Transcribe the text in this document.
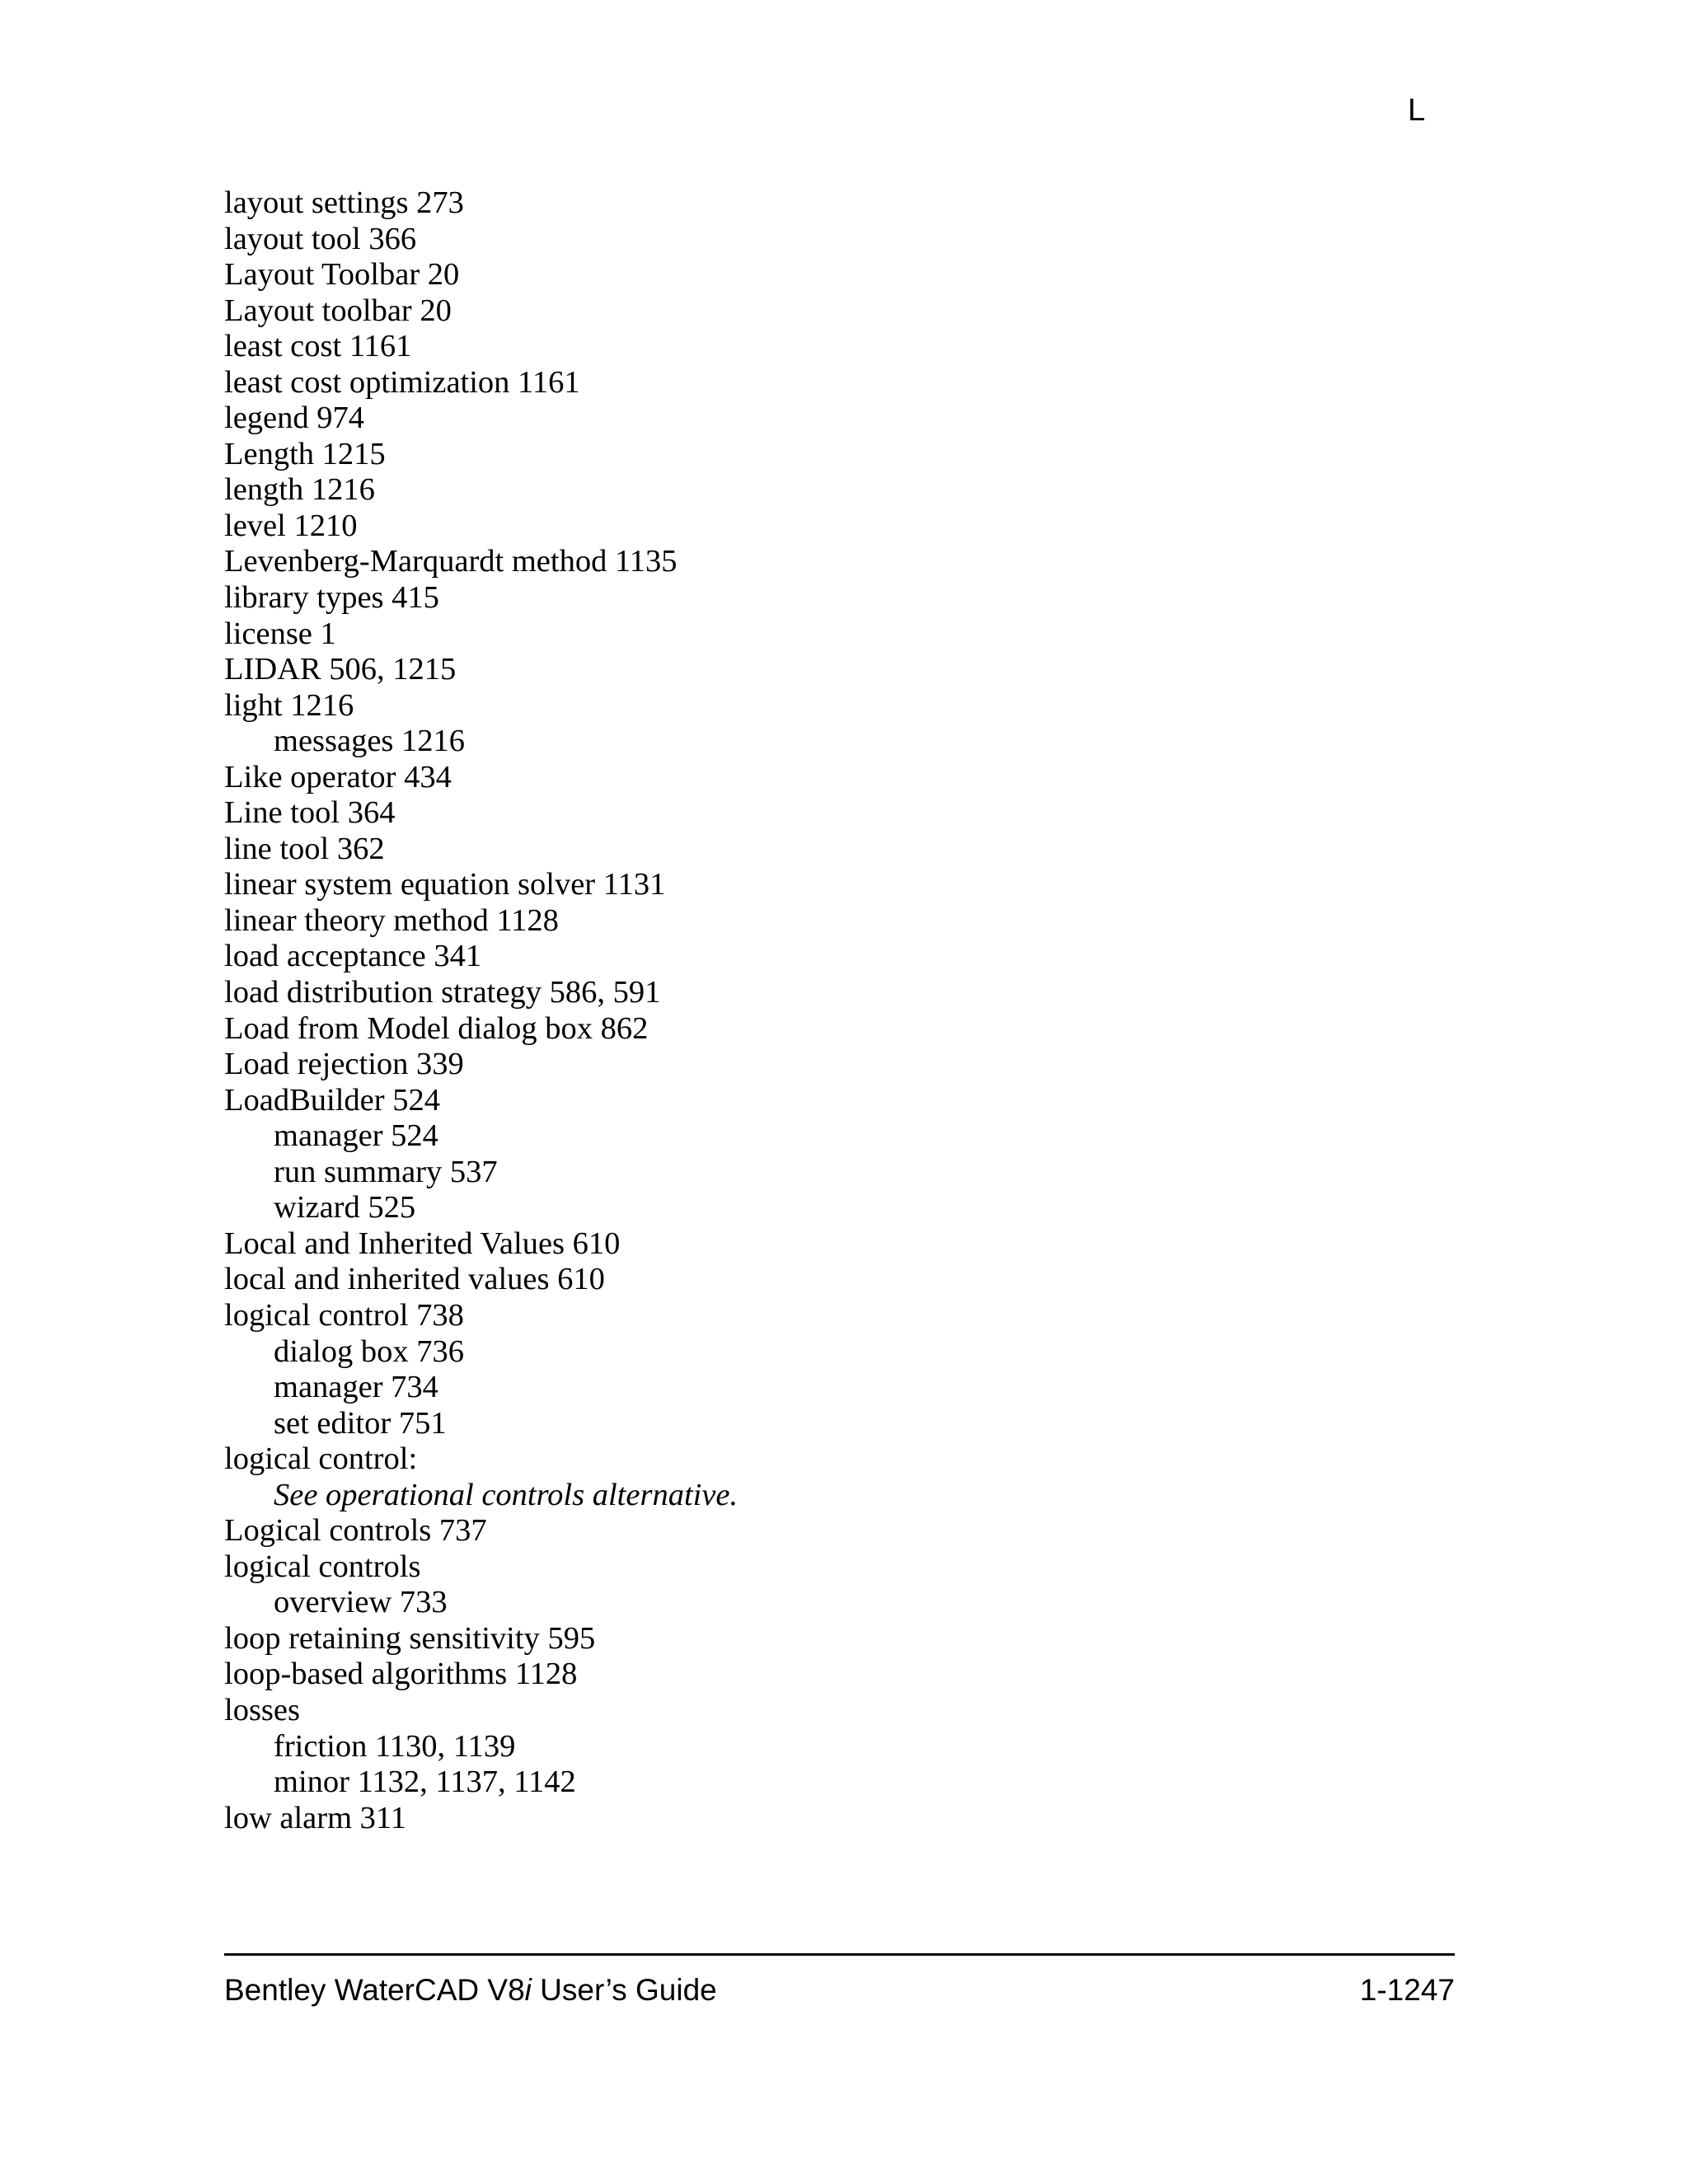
L
layout settings 273
layout tool 366
Layout Toolbar 20
Layout toolbar 20
least cost 1161
least cost optimization 1161
legend 974
Length 1215
length 1216
level 1210
Levenberg-Marquardt method 1135
library types 415
license 1
LIDAR 506, 1215
light 1216
messages 1216
Like operator 434
Line tool 364
line tool 362
linear system equation solver 1131
linear theory method 1128
load acceptance 341
load distribution strategy 586, 591
Load from Model dialog box 862
Load rejection 339
LoadBuilder 524
manager 524
run summary 537
wizard 525
Local and Inherited Values 610
local and inherited values 610
logical control 738
dialog box 736
manager 734
set editor 751
logical control:
See operational controls alternative.
Logical controls 737
logical controls
overview 733
loop retaining sensitivity 595
loop-based algorithms 1128
losses
friction 1130, 1139
minor 1132, 1137, 1142
low alarm 311
Bentley WaterCAD V8i User’s Guide	1-1247
